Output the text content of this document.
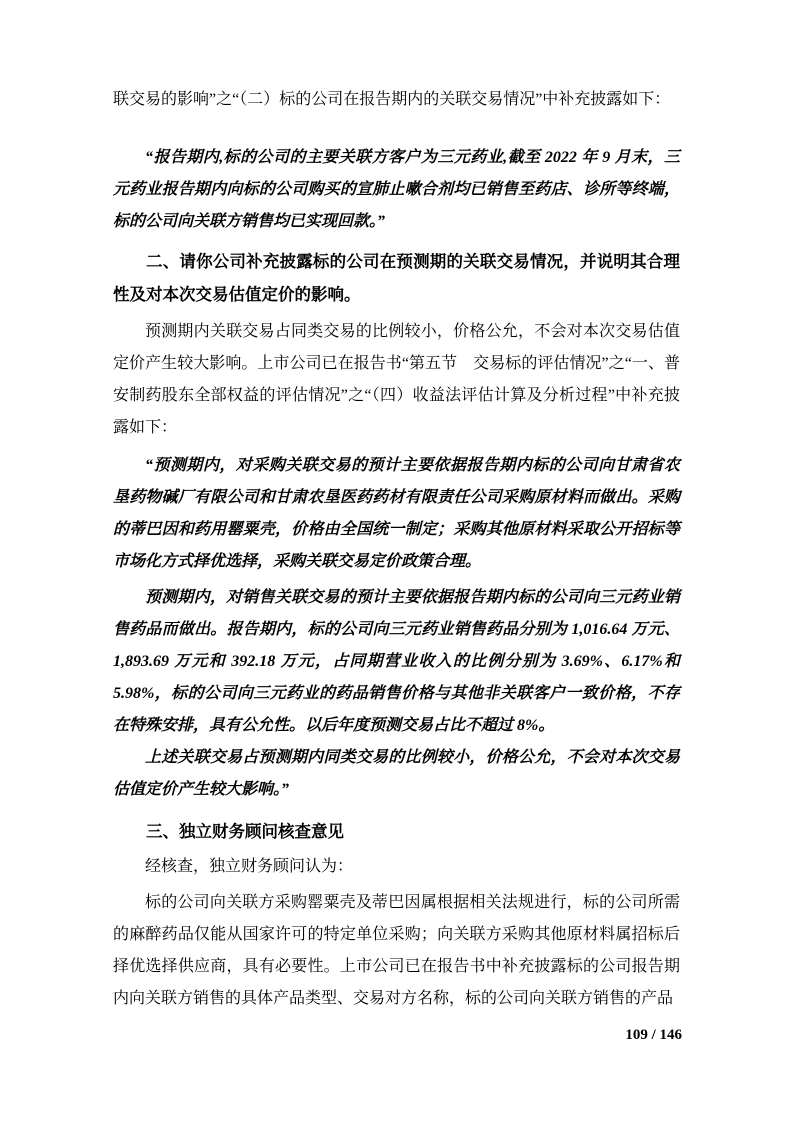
联交易的影响”之“（二）标的公司在报告期内的关联交易情况”中补充披露如下：

“报告期内,标的公司的主要关联方客户为三元药业,截至 2022 年 9 月末，三元药业报告期内向标的公司购买的宣肺止嗽合剂均已销售至药店、诊所等终端，标的公司向关联方销售均已实现回款。”

二、请你公司补充披露标的公司在预测期的关联交易情况，并说明其合理性及对本次交易估值定价的影响。

预测期内关联交易占同类交易的比例较小，价格公允，不会对本次交易估值定价产生较大影响。上市公司已在报告书“第五节　交易标的评估情况”之“一、普安制药股东全部权益的评估情况”之“（四）收益法评估计算及分析过程”中补充披露如下：

“预测期内，对采购关联交易的预计主要依据报告期内标的公司向甘肃省农垦药物碱厂有限公司和甘肃农垦医药药材有限责任公司采购原材料而做出。采购的蒂巴因和药用罂粟壳，价格由全国统一制定；采购其他原材料采取公开招标等市场化方式择优选择，采购关联交易定价政策合理。

预测期内，对销售关联交易的预计主要依据报告期内标的公司向三元药业销售药品而做出。报告期内，标的公司向三元药业销售药品分别为 1,016.64 万元、1,893.69 万元和 392.18 万元，占同期营业收入的比例分别为 3.69%、6.17%和 5.98%，标的公司向三元药业的药品销售价格与其他非关联客户一致价格，不存在特殊安排，具有公允性。以后年度预测交易占比不超过 8%。

上述关联交易占预测期内同类交易的比例较小，价格公允，不会对本次交易估值定价产生较大影响。”

三、独立财务顾问核查意见

经核查，独立财务顾问认为：

标的公司向关联方采购罂粟壳及蒂巴因属根据相关法规进行，标的公司所需的麻醉药品仅能从国家许可的特定单位采购；向关联方采购其他原材料属招标后择优选择供应商，具有必要性。上市公司已在报告书中补充披露标的公司报告期内向关联方销售的具体产品类型、交易对方名称，标的公司向关联方销售的产品

109 / 146
